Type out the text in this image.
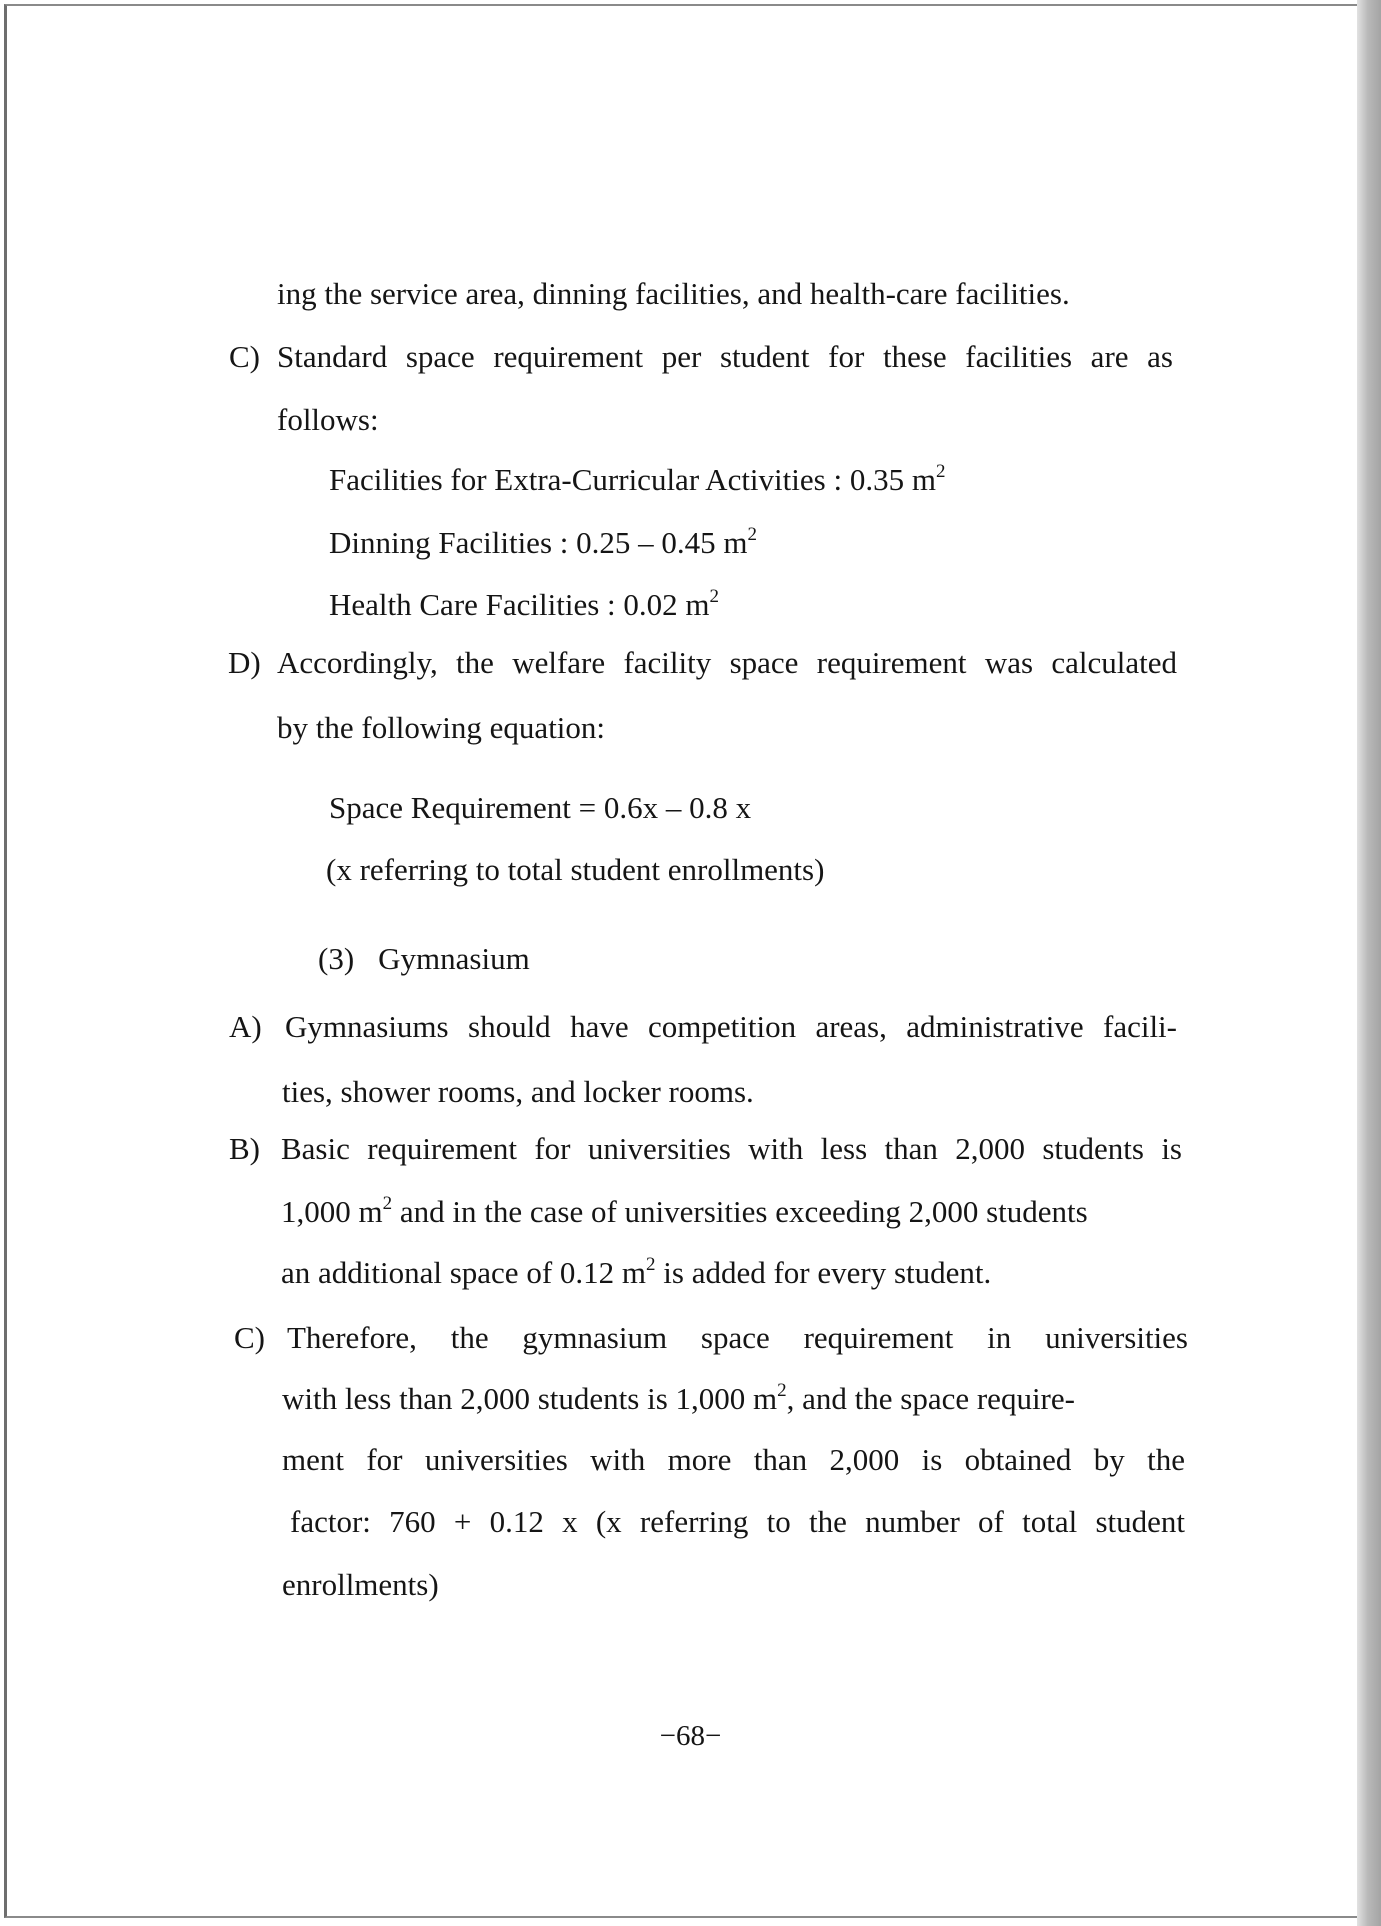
ing the service area, dinning facilities, and health-care facilities.
C) Standard space requirement per student for these facilities are as
follows:
Facilities for Extra-Curricular Activities : 0.35 $m^2$
Dinning Facilities : 0.25 – 0.45 $m^2$
Health Care Facilities : 0.02 $m^2$
D) Accordingly, the welfare facility space requirement was calculated
by the following equation:
Space Requirement = 0.6x – 0.8 x
(x referring to total student enrollments)
(3) Gymnasium
A) Gymnasiums should have competition areas, administrative facili-
ties, shower rooms, and locker rooms.
B) Basic requirement for universities with less than 2,000 students is
1,000 $m^2$ and in the case of universities exceeding 2,000 students
an additional space of 0.12 $m^2$ is added for every student.
C) Therefore, the gymnasium space requirement in universities
with less than 2,000 students is 1,000 $m^2$, and the space require-
ment for universities with more than 2,000 is obtained by the
factor: 760 + 0.12 x (x referring to the number of total student
enrollments)
−68−
